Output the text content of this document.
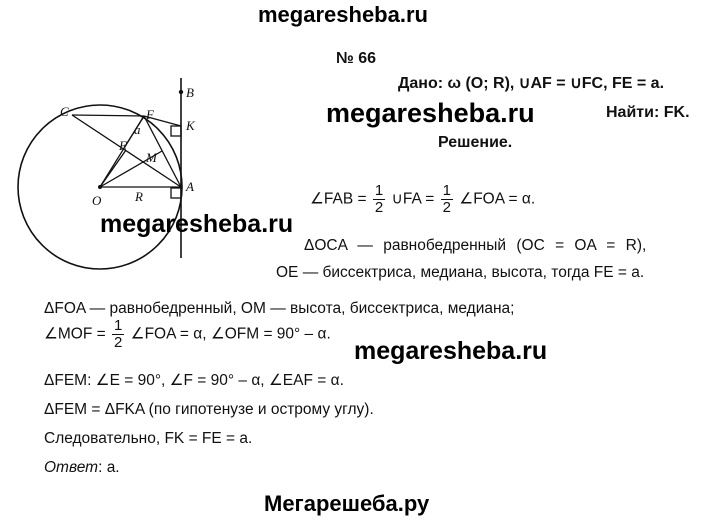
megaresheba.ru
№ 66
Дано: ω (O; R), ∪AF = ∪FC, FE = a.
Найти: FK.
Решение.
C	F
K
B
E
M
a
O	R
A
megaresheba.ru
megaresheba.ru
megaresheba.ru
∠FAB = $\frac{1}{2}$ ∪FA = $\frac{1}{2}$ ∠FOA = α.
ΔOCA — равнобедренный (OC = OA = R),
OE — биссектриса, медиана, высота, тогда FE = a.
ΔFOA — равнобедренный, OM — высота, биссектриса, медиана;
∠MOF = $\frac{1}{2}$ ∠FOA = α, ∠OFM = 90° – α.
ΔFEM: ∠E = 90°, ∠F = 90° – α, ∠EAF = α.
ΔFEM = ΔFKA (по гипотенузе и острому углу).
Следовательно, FK = FE = a.
Ответ: a.
Мегарешеба.ру
